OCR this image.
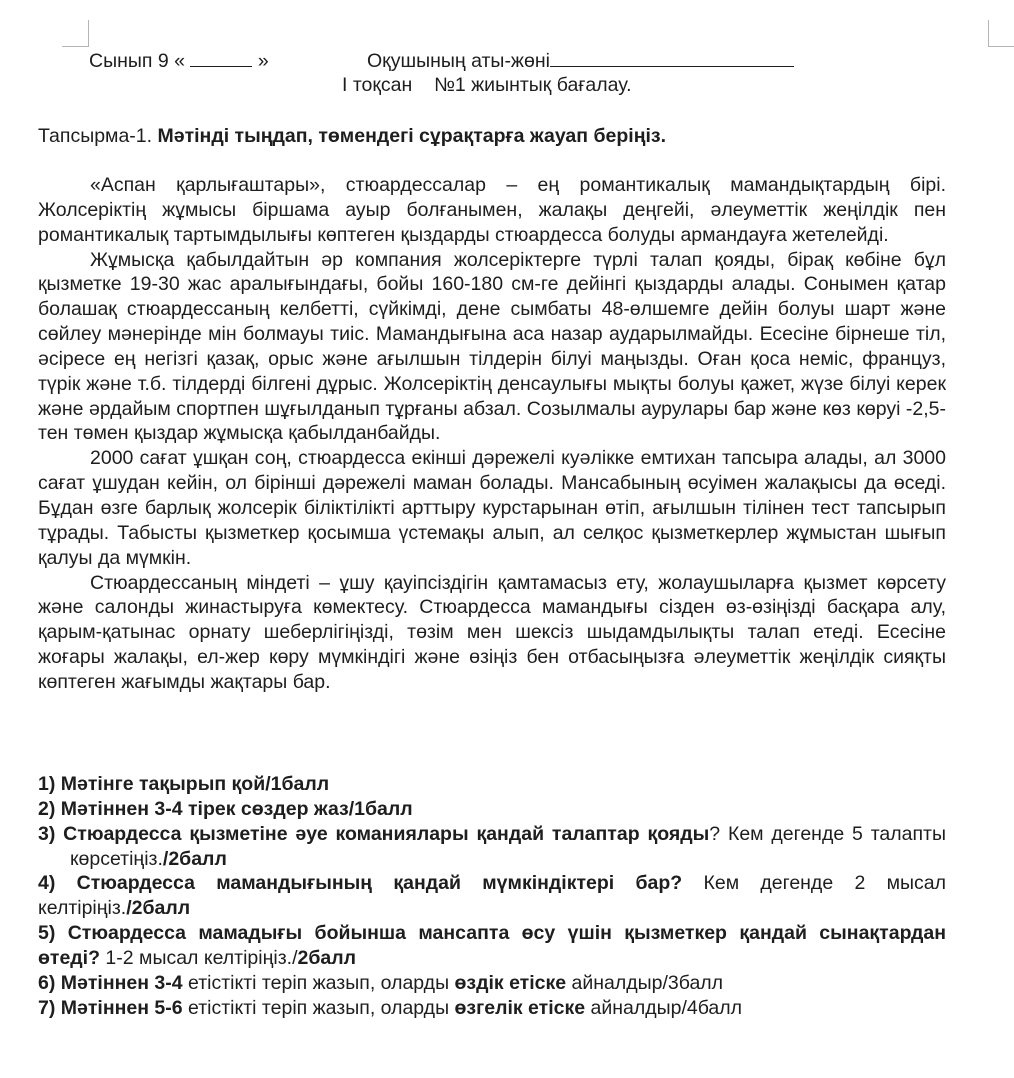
Сынып 9 «	»	Оқушының аты-жөні
І тоқсан    №1 жиынтық бағалау.
Тапсырма-1. Мәтінді тыңдап, төмендегі сұрақтарға жауап беріңіз.

«Аспан қарлығаштары», стюардессалар – ең романтикалық мамандықтардың бірі. Жолсеріктің жұмысы біршама ауыр болғанымен, жалақы деңгейі, әлеуметтік жеңілдік пен романтикалық тартымдылығы көптеген қыздарды стюардесса болуды армандауға жетелейді.

Жұмысқа қабылдайтын әр компания жолсеріктерге түрлі талап қояды, бірақ көбіне бұл қызметке 19-30 жас аралығындағы, бойы 160-180 см-ге дейінгі қыздарды алады. Сонымен қатар болашақ стюардессаның келбетті, сүйкімді, дене сымбаты 48-өлшемге дейін болуы шарт және сөйлеу мәнерінде мін болмауы тиіс. Мамандығына аса назар аударылмайды. Есесіне бірнеше тіл, әсіресе ең негізгі қазақ, орыс және ағылшын тілдерін білуі маңызды. Оған қоса неміс, француз, түрік және т.б. тілдерді білгені дұрыс. Жолсеріктің денсаулығы мықты болуы қажет, жүзе білуі керек және әрдайым спортпен шұғылданып тұрғаны абзал. Созылмалы аурулары бар және көз көруі -2,5-тен төмен қыздар жұмысқа қабылданбайды.

2000 сағат ұшқан соң, стюардесса екінші дәрежелі куәлікке емтихан тапсыра алады, ал 3000 сағат ұшудан кейін, ол бірінші дәрежелі маман болады. Мансабының өсуімен жалақысы да өседі. Бұдан өзге барлық жолсерік біліктілікті арттыру курстарынан өтіп, ағылшын тілінен тест тапсырып тұрады. Табысты қызметкер қосымша үстемақы алып, ал селқос қызметкерлер жұмыстан шығып қалуы да мүмкін.

Стюардессаның міндеті – ұшу қауіпсіздігін қамтамасыз ету, жолаушыларға қызмет көрсету және салонды жинастыруға көмектесу. Стюардесса мамандығы сізден өз-өзіңізді басқара алу, қарым-қатынас орнату шеберлігіңізді, төзім мен шексіз шыдамдылықты талап етеді. Есесіне жоғары жалақы, ел-жер көру мүмкіндігі және өзіңіз бен отбасыңызға әлеуметтік жеңілдік сияқты көптеген жағымды жақтары бар.

1) Мәтінге тақырып қой/1балл
2) Мәтіннен 3-4 тірек сөздер жаз/1балл
3) Стюардесса қызметіне әуе команиялары қандай талаптар қояды? Кем дегенде 5 талапты көрсетіңіз./2балл
4) Стюардесса мамандығының қандай мүмкіндіктері бар? Кем дегенде 2 мысал келтіріңіз./2балл
5) Стюардесса мамадығы бойынша мансапта өсу үшін қызметкер қандай сынақтардан өтеді? 1-2 мысал келтіріңіз./2балл
6) Мәтіннен 3-4 етістікті теріп жазып, оларды өздік етіске айналдыр/3балл
7) Мәтіннен 5-6 етістікті теріп жазып, оларды өзгелік етіске айналдыр/4балл
